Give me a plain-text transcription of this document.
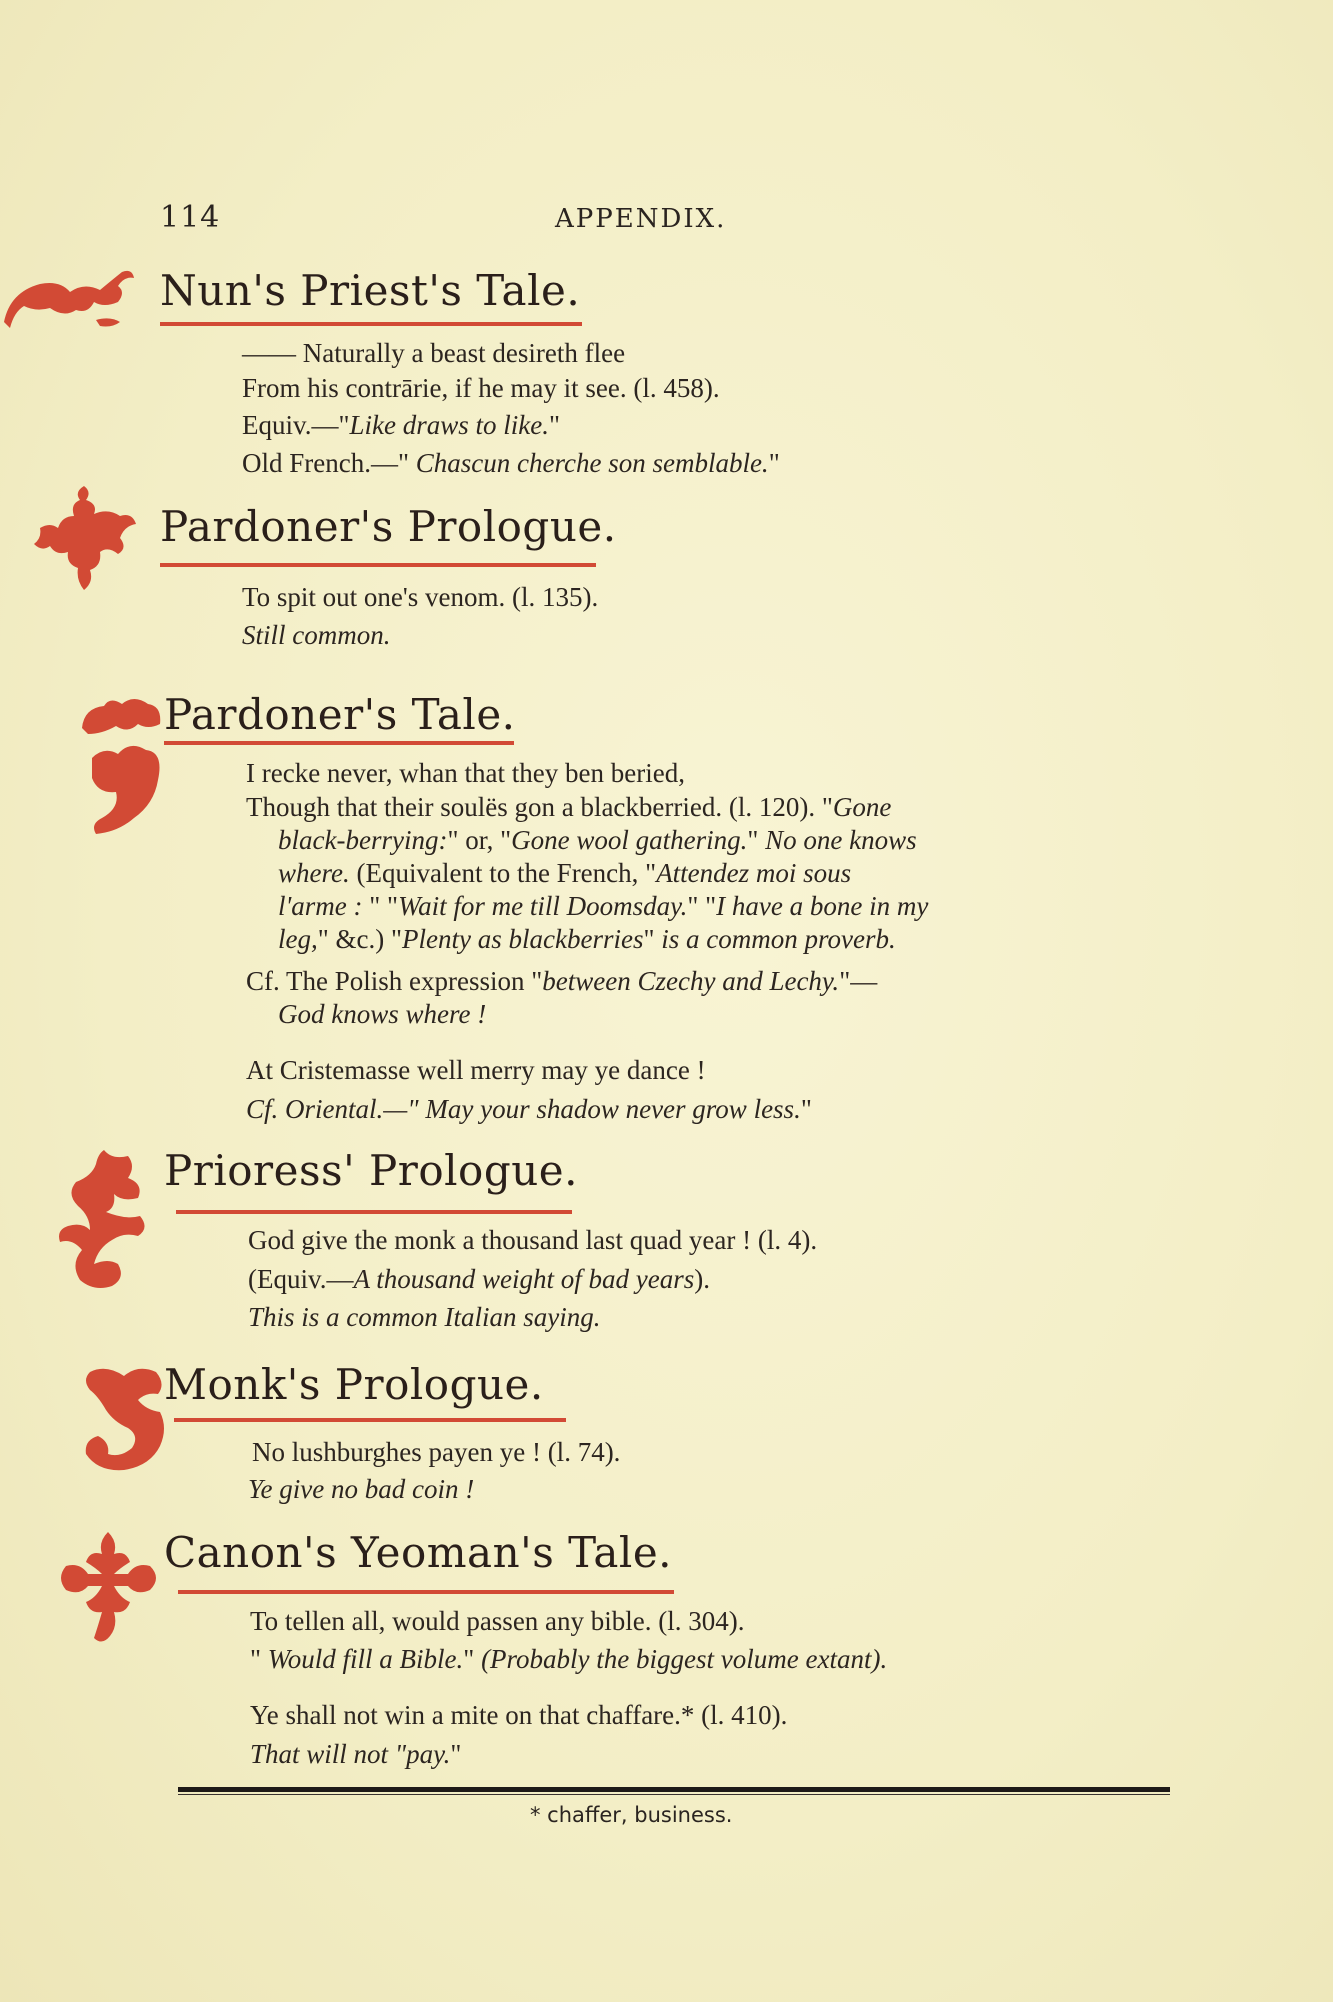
114	APPENDIX.
Nun's Priest's Tale.
—— Naturally a beast desireth flee
From his contrārie, if he may it see. (l. 458).
Equiv.—"Like draws to like."
Old French.—" Chascun cherche son semblable."
Pardoner's Prologue.
To spit out one's venom. (l. 135).
Still common.
Pardoner's Tale.
I recke never, whan that they ben beried,
Though that their soulës gon a blackberried. (l. 120). "Gone
black-berrying:" or, "Gone wool gathering." No one knows
where. (Equivalent to the French, "Attendez moi sous
l'arme : " "Wait for me till Doomsday." "I have a bone in my
leg," &c.) "Plenty as blackberries" is a common proverb.
Cf. The Polish expression "between Czechy and Lechy."—
God knows where !
At Cristemasse well merry may ye dance !
Cf. Oriental.—" May your shadow never grow less."
Prioress' Prologue.
God give the monk a thousand last quad year ! (l. 4).
(Equiv.—A thousand weight of bad years).
This is a common Italian saying.
Monk's Prologue.
No lushburghes payen ye ! (l. 74).
Ye give no bad coin !
Canon's Yeoman's Tale.
To tellen all, would passen any bible. (l. 304).
" Would fill a Bible." (Probably the biggest volume extant).
Ye shall not win a mite on that chaffare.* (l. 410).
That will not "pay."
* chaffer, business.
